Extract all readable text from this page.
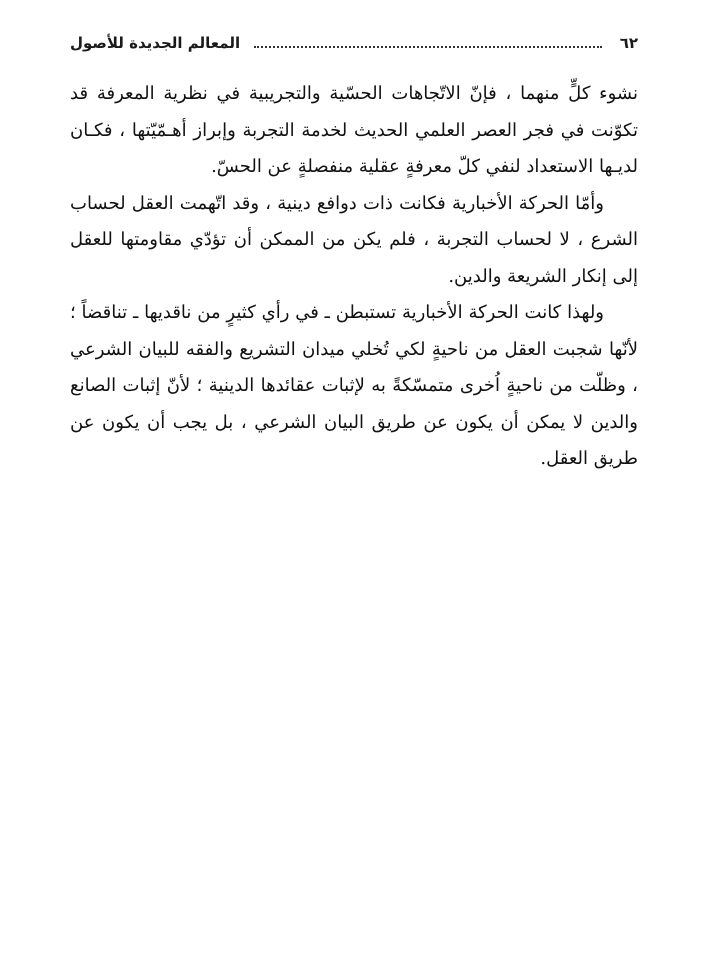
٦٢
المعالم الجديدة للأصول

نشوء كلٍّ منهما ، فإنّ الاتّجاهات الحسّية والتجريبية في نظرية المعرفة قد تكوّنت في فجر العصر العلمي الحديث لخدمة التجربة وإبراز أهـمّيّتها ، فكـان لديـها الاستعداد لنفي كلّ معرفةٍ عقلية منفصلةٍ عن الحسّ.

وأمّا الحركة الأخبارية فكانت ذات دوافع دينية ، وقد اتّهمت العقل لحساب الشرع ، لا لحساب التجربة ، فلم يكن من الممكن أن تؤدّي مقاومتها للعقل إلى إنكار الشريعة والدين.

ولهذا كانت الحركة الأخبارية تستبطن ـ في رأي كثيرٍ من ناقديها ـ تناقضاً ؛ لأنّها شجبت العقل من ناحيةٍ لكي تُخلي ميدان التشريع والفقه للبيان الشرعي ، وظلّت من ناحيةٍ اُخرى متمسّكةً به لإثبات عقائدها الدينية ؛ لأنّ إثبات الصانع والدين لا يمكن أن يكون عن طريق البيان الشرعي ، بل يجب أن يكون عن طريق العقل.
